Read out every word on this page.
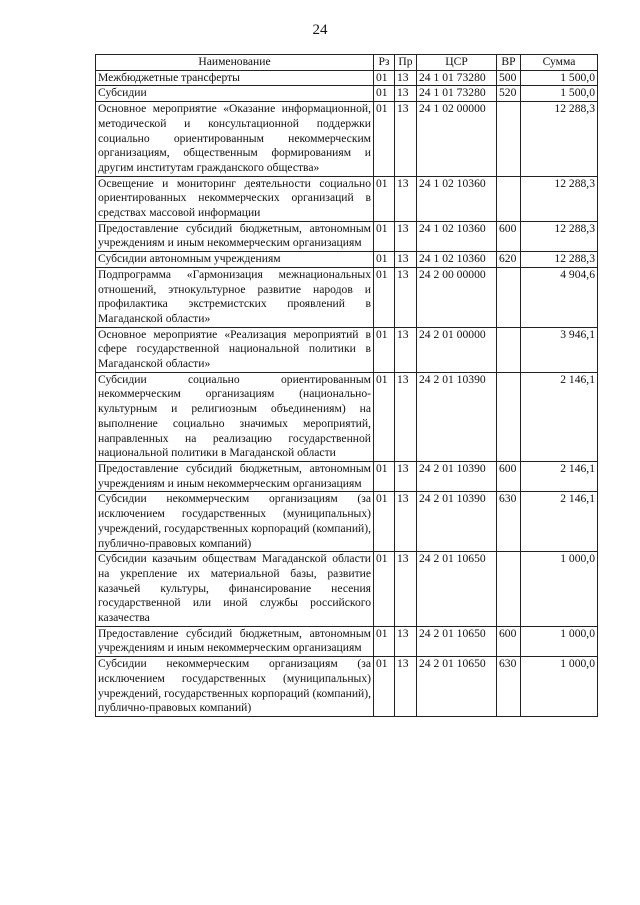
24
Наименование	Рз	Пр	ЦСР	ВР	Сумма
Межбюджетные трансферты	01	13	24 1 01 73280	500	1 500,0
Субсидии	01	13	24 1 01 73280	520	1 500,0
Основное мероприятие «Оказание информационной, методической и консультационной поддержки социально ориентированным некоммерческим организациям, общественным формированиям и другим институтам гражданского общества»	01	13	24 1 02 00000		12 288,3
Освещение и мониторинг деятельности социально ориентированных некоммерческих организаций в средствах массовой информации	01	13	24 1 02 10360		12 288,3
Предоставление субсидий бюджетным, автономным учреждениям и иным некоммерческим организациям	01	13	24 1 02 10360	600	12 288,3
Субсидии автономным учреждениям	01	13	24 1 02 10360	620	12 288,3
Подпрограмма «Гармонизация межнациональных отношений, этнокультурное развитие народов и профилактика экстремистских проявлений в Магаданской области»	01	13	24 2 00 00000		4 904,6
Основное мероприятие «Реализация мероприятий в сфере государственной национальной политики в Магаданской области»	01	13	24 2 01 00000		3 946,1
Субсидии социально ориентированным некоммерческим организациям (национально-культурным и религиозным объединениям) на выполнение социально значимых мероприятий, направленных на реализацию государственной национальной политики в Магаданской области	01	13	24 2 01 10390		2 146,1
Предоставление субсидий бюджетным, автономным учреждениям и иным некоммерческим организациям	01	13	24 2 01 10390	600	2 146,1
Субсидии некоммерческим организациям (за исключением государственных (муниципальных) учреждений, государственных корпораций (компаний), публично-правовых компаний)	01	13	24 2 01 10390	630	2 146,1
Субсидии казачьим обществам Магаданской области на укрепление их материальной базы, развитие казачьей культуры, финансирование несения государственной или иной службы российского казачества	01	13	24 2 01 10650		1 000,0
Предоставление субсидий бюджетным, автономным учреждениям и иным некоммерческим организациям	01	13	24 2 01 10650	600	1 000,0
Субсидии некоммерческим организациям (за исключением государственных (муниципальных) учреждений, государственных корпораций (компаний), публично-правовых компаний)	01	13	24 2 01 10650	630	1 000,0
